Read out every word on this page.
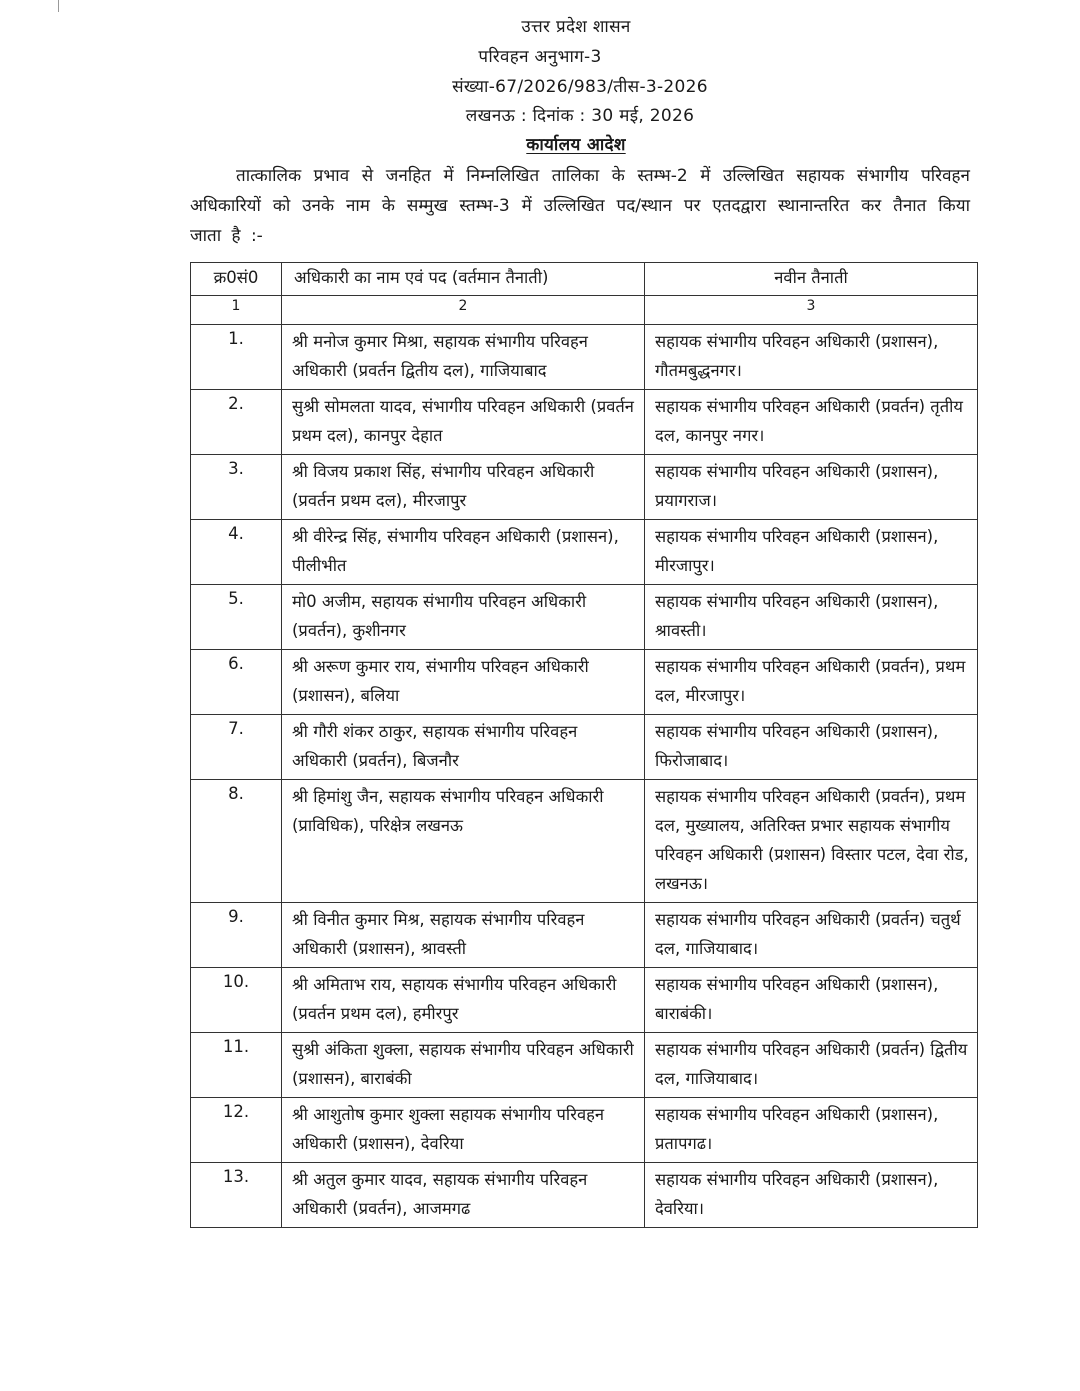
उत्तर प्रदेश शासन
परिवहन अनुभाग-3
संख्या-67/2026/983/तीस-3-2026
लखनऊ : दिनांक : 30 मई, 2026
कार्यालय आदेश
तात्कालिक प्रभाव से जनहित में निम्नलिखित तालिका के स्तम्भ-2 में उल्लिखित सहायक संभागीय परिवहन अधिकारियों को उनके नाम के सम्मुख स्तम्भ-3 में उल्लिखित पद/स्थान पर एतदद्वारा स्थानान्तरित कर तैनात किया जाता है :-
क्र0सं0	अधिकारी का नाम एवं पद (वर्तमान तैनाती)	नवीन तैनाती
1	2	3
1.	श्री मनोज कुमार मिश्रा, सहायक संभागीय परिवहन अधिकारी (प्रवर्तन द्वितीय दल), गाजियाबाद	सहायक संभागीय परिवहन अधिकारी (प्रशासन), गौतमबुद्धनगर।
2.	सुश्री सोमलता यादव, संभागीय परिवहन अधिकारी (प्रवर्तन प्रथम दल), कानपुर देहात	सहायक संभागीय परिवहन अधिकारी (प्रवर्तन) तृतीय दल, कानपुर नगर।
3.	श्री विजय प्रकाश सिंह, संभागीय परिवहन अधिकारी (प्रवर्तन प्रथम दल), मीरजापुर	सहायक संभागीय परिवहन अधिकारी (प्रशासन), प्रयागराज।
4.	श्री वीरेन्द्र सिंह, संभागीय परिवहन अधिकारी (प्रशासन), पीलीभीत	सहायक संभागीय परिवहन अधिकारी (प्रशासन), मीरजापुर।
5.	मो0 अजीम, सहायक संभागीय परिवहन अधिकारी (प्रवर्तन), कुशीनगर	सहायक संभागीय परिवहन अधिकारी (प्रशासन), श्रावस्ती।
6.	श्री अरूण कुमार राय, संभागीय परिवहन अधिकारी (प्रशासन), बलिया	सहायक संभागीय परिवहन अधिकारी (प्रवर्तन), प्रथम दल, मीरजापुर।
7.	श्री गौरी शंकर ठाकुर, सहायक संभागीय परिवहन अधिकारी (प्रवर्तन), बिजनौर	सहायक संभागीय परिवहन अधिकारी (प्रशासन), फिरोजाबाद।
8.	श्री हिमांशु जैन, सहायक संभागीय परिवहन अधिकारी (प्राविधिक), परिक्षेत्र लखनऊ	सहायक संभागीय परिवहन अधिकारी (प्रवर्तन), प्रथम दल, मुख्यालय, अतिरिक्त प्रभार सहायक संभागीय परिवहन अधिकारी (प्रशासन) विस्तार पटल, देवा रोड, लखनऊ।
9.	श्री विनीत कुमार मिश्र, सहायक संभागीय परिवहन अधिकारी (प्रशासन), श्रावस्ती	सहायक संभागीय परिवहन अधिकारी (प्रवर्तन) चतुर्थ दल, गाजियाबाद।
10.	श्री अमिताभ राय, सहायक संभागीय परिवहन अधिकारी (प्रवर्तन प्रथम दल), हमीरपुर	सहायक संभागीय परिवहन अधिकारी (प्रशासन), बाराबंकी।
11.	सुश्री अंकिता शुक्ला, सहायक संभागीय परिवहन अधिकारी (प्रशासन), बाराबंकी	सहायक संभागीय परिवहन अधिकारी (प्रवर्तन) द्वितीय दल, गाजियाबाद।
12.	श्री आशुतोष कुमार शुक्ला सहायक संभागीय परिवहन अधिकारी (प्रशासन), देवरिया	सहायक संभागीय परिवहन अधिकारी (प्रशासन), प्रतापगढ।
13.	श्री अतुल कुमार यादव, सहायक संभागीय परिवहन अधिकारी (प्रवर्तन), आजमगढ	सहायक संभागीय परिवहन अधिकारी (प्रशासन), देवरिया।
